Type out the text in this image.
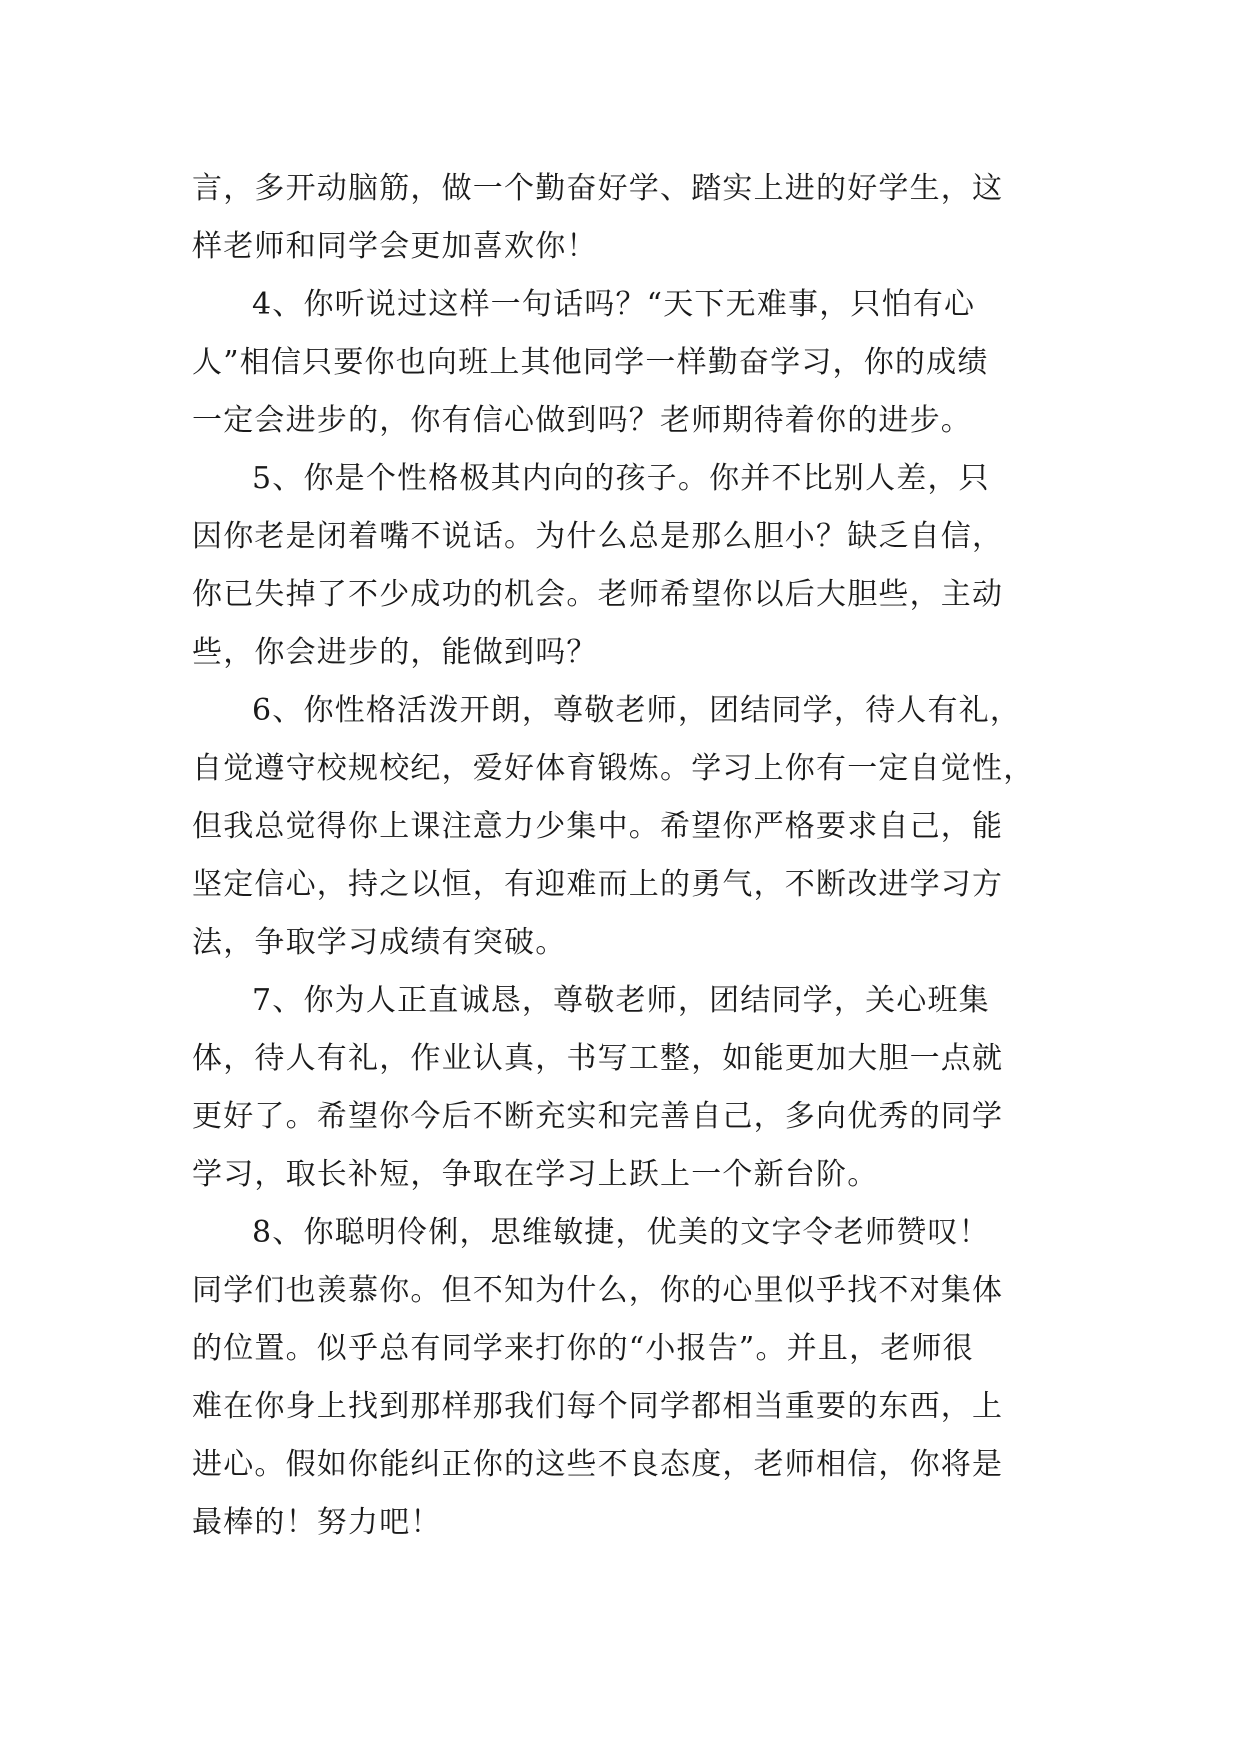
言，多开动脑筋，做一个勤奋好学、踏实上进的好学生，这
样老师和同学会更加喜欢你！
4、你听说过这样一句话吗？“天下无难事，只怕有心
人”相信只要你也向班上其他同学一样勤奋学习，你的成绩
一定会进步的，你有信心做到吗？老师期待着你的进步。
5、你是个性格极其内向的孩子。你并不比别人差，只
因你老是闭着嘴不说话。为什么总是那么胆小？缺乏自信，
你已失掉了不少成功的机会。老师希望你以后大胆些，主动
些，你会进步的，能做到吗？
6、你性格活泼开朗，尊敬老师，团结同学，待人有礼，
自觉遵守校规校纪，爱好体育锻炼。学习上你有一定自觉性，
但我总觉得你上课注意力少集中。希望你严格要求自己，能
坚定信心，持之以恒，有迎难而上的勇气，不断改进学习方
法，争取学习成绩有突破。
7、你为人正直诚恳，尊敬老师，团结同学，关心班集
体，待人有礼，作业认真，书写工整，如能更加大胆一点就
更好了。希望你今后不断充实和完善自己，多向优秀的同学
学习，取长补短，争取在学习上跃上一个新台阶。
8、你聪明伶俐，思维敏捷，优美的文字令老师赞叹！
同学们也羡慕你。但不知为什么，你的心里似乎找不对集体
的位置。似乎总有同学来打你的“小报告”。并且，老师很
难在你身上找到那样那我们每个同学都相当重要的东西，上
进心。假如你能纠正你的这些不良态度，老师相信，你将是
最棒的！努力吧！
